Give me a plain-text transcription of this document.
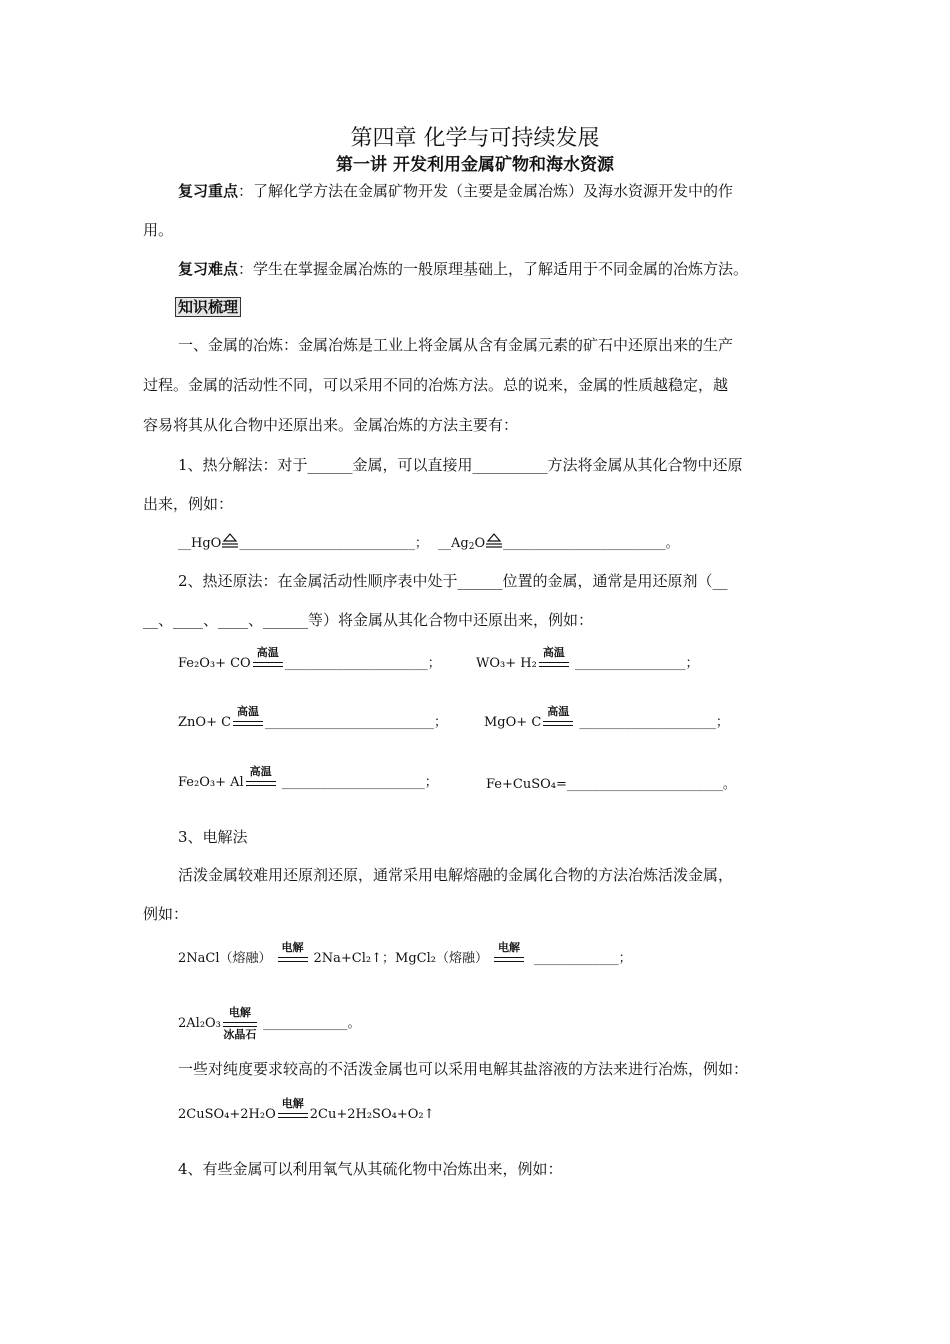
第四章 化学与可持续发展
第一讲 开发利用金属矿物和海水资源
复习重点：了解化学方法在金属矿物开发（主要是金属冶炼）及海水资源开发中的作
用。
复习难点：学生在掌握金属冶炼的一般原理基础上，了解适用于不同金属的冶炼方法。
知识梳理
一、金属的冶炼：金属冶炼是工业上将金属从含有金属元素的矿石中还原出来的生产
过程。金属的活动性不同，可以采用不同的冶炼方法。总的说来，金属的性质越稳定，越
容易将其从化合物中还原出来。金属冶炼的方法主要有：
1、热分解法：对于______金属，可以直接用__________方法将金属从其化合物中还原
出来，例如：
__HgO ___________________________； $\_\_Ag_2O$ _________________________。
2、热还原法：在金属活动性顺序表中处于______位置的金属，通常是用还原剂（__
__、____、____、______等）将金属从其化合物中还原出来，例如：
Fe₂O₃+ CO
高温
______________________；	WO₃+ H₂
高温
_________________；
ZnO+ C
高温
__________________________；	MgO+ C
高温
_____________________；
Fe₂O₃+ Al
高温
______________________；	Fe+CuSO₄=________________________。
3、电解法
活泼金属较难用还原剂还原，通常采用电解熔融的金属化合物的方法冶炼活泼金属，
例如：
2NaCl（熔融）
电解
2Na+Cl₂↑；MgCl₂（熔融）
电解
_____________；
2Al₂O₃
电解
冰晶石
_____________。
一些对纯度要求较高的不活泼金属也可以采用电解其盐溶液的方法来进行冶炼，例如：
2CuSO₄+2H₂O
电解
2Cu+2H₂SO₄+O₂↑
4、有些金属可以利用氧气从其硫化物中冶炼出来，例如：
